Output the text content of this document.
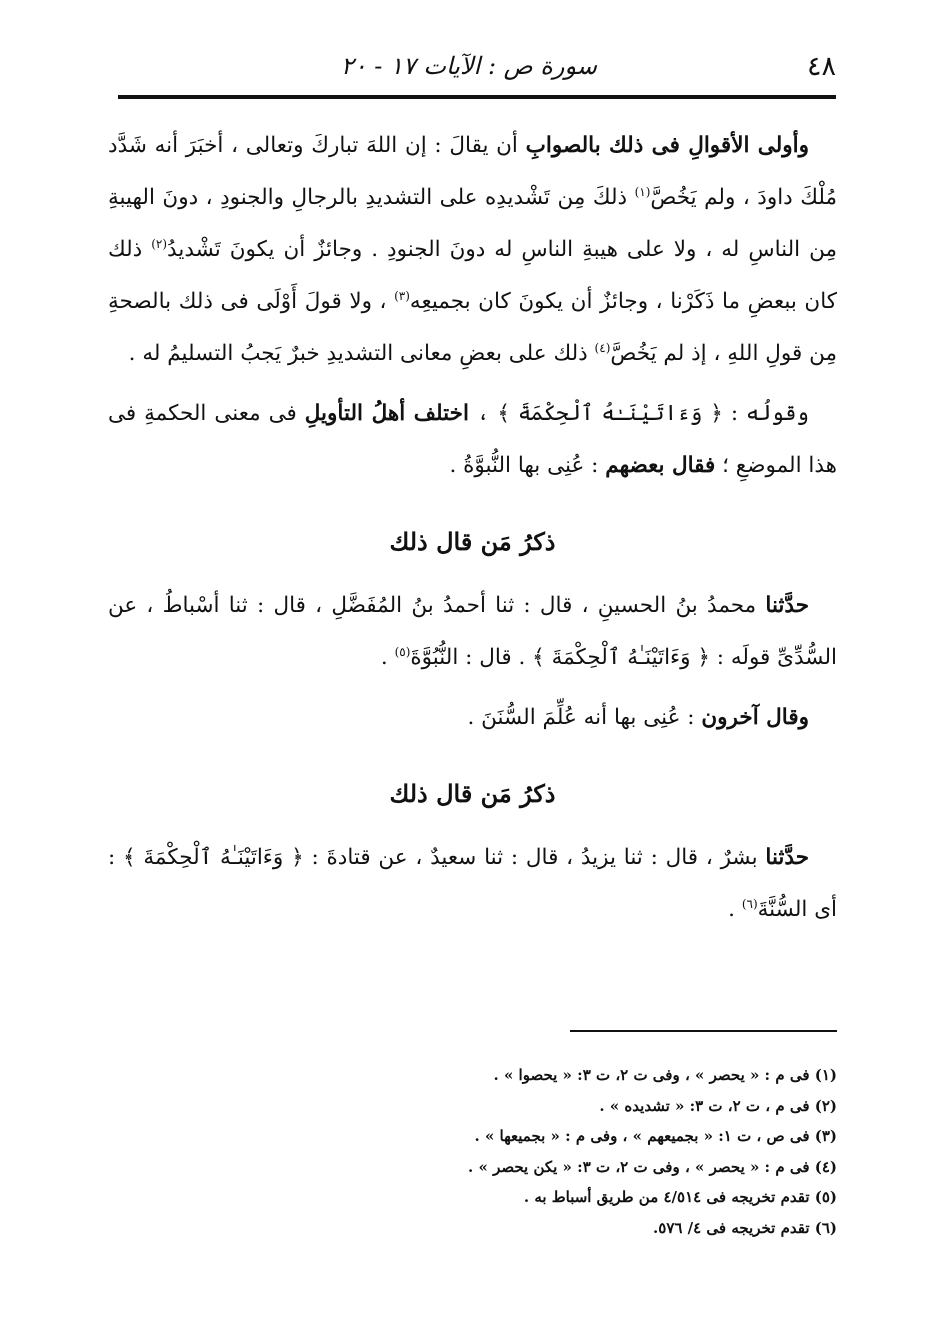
٤٨
سورة ص : الآيات ١٧ - ٢٠

وأولى الأقوالِ فى ذلك بالصوابِ أن يقالَ : إن اللهَ تباركَ وتعالى ، أخبَرَ أنه شَدَّد مُلْكَ داودَ ، ولم يَخُصَّ$^{(١)}$ ذلكَ مِن تَشْديدِه على التشديدِ بالرجالِ والجنودِ ، دونَ الهيبةِ مِن الناسِ له ، ولا على هيبةِ الناسِ له دونَ الجنودِ . وجائزٌ أن يكونَ تَشْديدُ$^{(٢)}$ ذلك كان ببعضِ ما ذَكَرْنا ، وجائزٌ أن يكونَ كان بجميعِه$^{(٣)}$ ، ولا قولَ أَوْلَى فى ذلك بالصحةِ مِن قولِ اللهِ ، إذ لم يَخُصَّ$^{(٤)}$ ذلك على بعضِ معانى التشديدِ خبرٌ يَجبُ التسليمُ له .

وقولُه : ﴿ وَءَاتَيْنَـٰهُ ٱلْحِكْمَةَ ﴾ ، اختلف أهلُ التأويلِ فى معنى الحكمةِ فى هذا الموضعِ ؛ فقال بعضهم : عُنِى بها النُّبوَّةُ .

ذكرُ مَن قال ذلك

حدَّثنا محمدُ بنُ الحسينِ ، قال : ثنا أحمدُ بنُ المُفَضَّلِ ، قال : ثنا أسْباطُ ، عن السُّدِّىِّ قولَه : ﴿ وَءَاتَيْنَـٰهُ ٱلْحِكْمَةَ ﴾ . قال : النُّبُوَّةَ$^{(٥)}$ .

وقال آخرون : عُنِى بها أنه عُلِّمَ السُّنَنَ .

ذكرُ مَن قال ذلك

حدَّثنا بشرٌ ، قال : ثنا يزيدُ ، قال : ثنا سعيدٌ ، عن قتادةَ : ﴿ وَءَاتَيْنَـٰهُ ٱلْحِكْمَةَ ﴾ : أى السُّنَّةَ$^{(٦)}$ .

(١) فى م : « يحصر » ، وفى ت ٢، ت ٣: « يحصوا » .

(٢) فى م ، ت ٢، ت ٣: « تشديده » .

(٣) فى ص ، ت ١: « بجميعهم » ، وفى م : « بجميعها » .

(٤) فى م : « يحصر » ، وفى ت ٢، ت ٣: « يكن يحصر » .

(٥) تقدم تخريجه فى ٤/٥١٤ من طريق أسباط به .

(٦) تقدم تخريجه فى ٤/ ٥٧٦.
